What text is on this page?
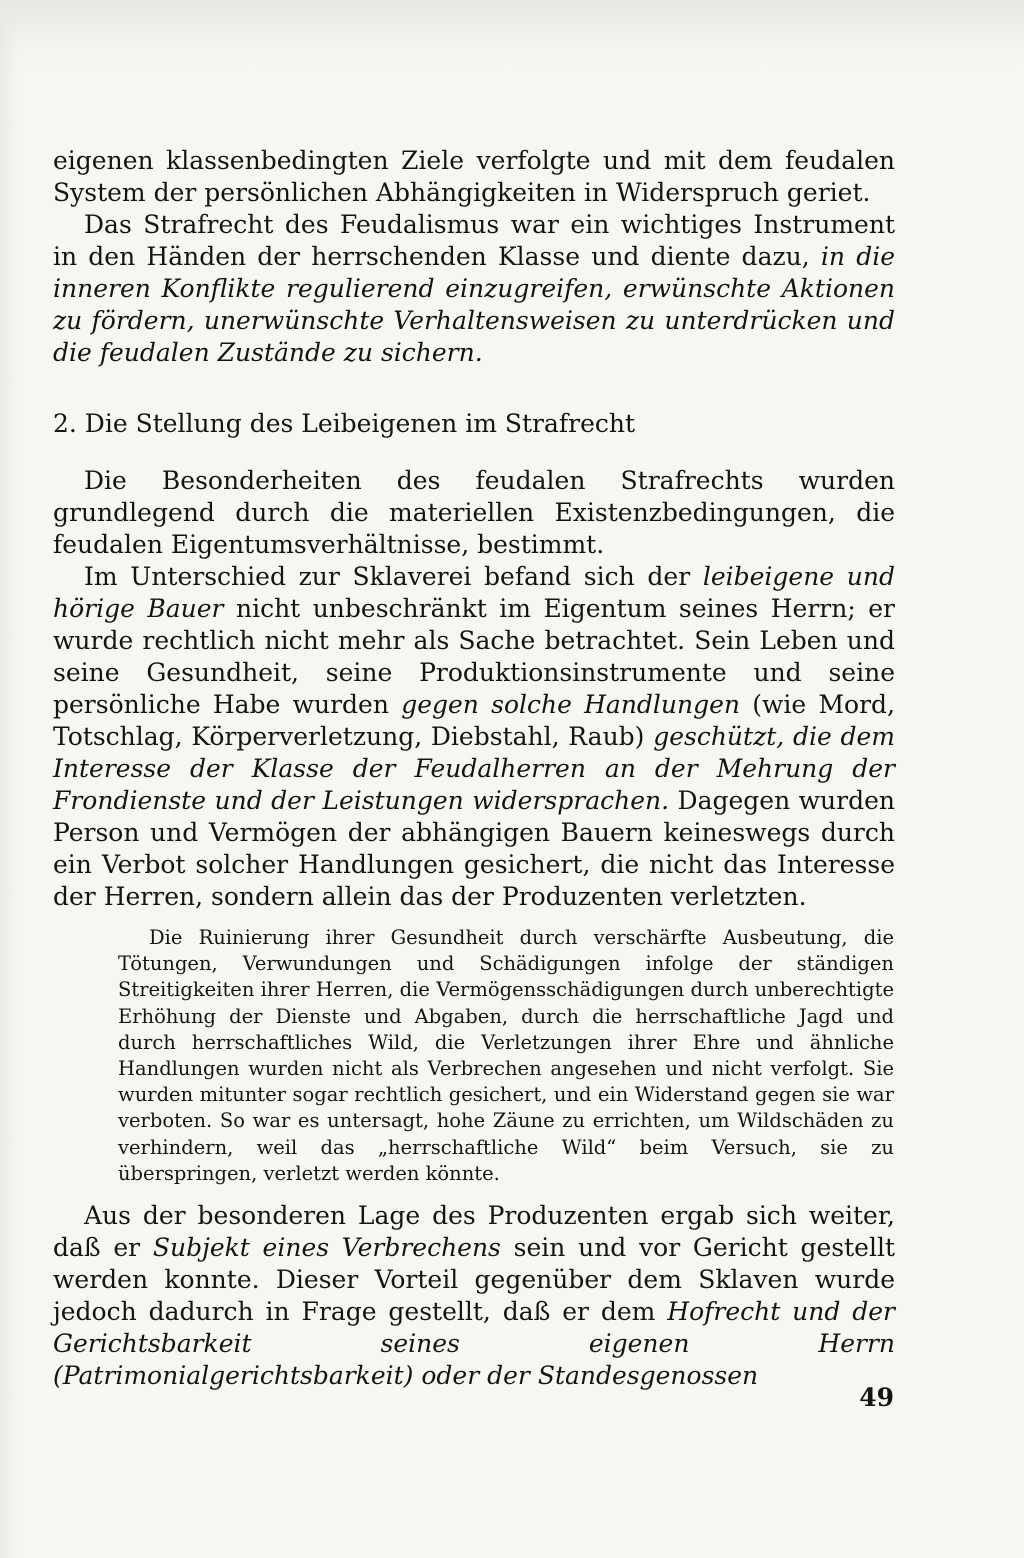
eigenen klassenbedingten Ziele verfolgte und mit dem feudalen System der persönlichen Abhängigkeiten in Widerspruch geriet.

Das Strafrecht des Feudalismus war ein wichtiges Instrument in den Händen der herrschenden Klasse und diente dazu, in die inneren Konflikte regulierend einzugreifen, erwünschte Aktionen zu fördern, unerwünschte Verhaltensweisen zu unterdrücken und die feudalen Zustände zu sichern.

2. Die Stellung des Leibeigenen im Strafrecht

Die Besonderheiten des feudalen Strafrechts wurden grundlegend durch die materiellen Existenzbedingungen, die feudalen Eigentumsverhältnisse, bestimmt.

Im Unterschied zur Sklaverei befand sich der leibeigene und hörige Bauer nicht unbeschränkt im Eigentum seines Herrn; er wurde rechtlich nicht mehr als Sache betrachtet. Sein Leben und seine Gesundheit, seine Produktionsinstrumente und seine persönliche Habe wurden gegen solche Handlungen (wie Mord, Totschlag, Körperverletzung, Diebstahl, Raub) geschützt, die dem Interesse der Klasse der Feudalherren an der Mehrung der Frondienste und der Leistungen widersprachen. Dagegen wurden Person und Vermögen der abhängigen Bauern keineswegs durch ein Verbot solcher Handlungen gesichert, die nicht das Interesse der Herren, sondern allein das der Produzenten verletzten.

Die Ruinierung ihrer Gesundheit durch verschärfte Ausbeutung, die Tötungen, Verwundungen und Schädigungen infolge der ständigen Streitigkeiten ihrer Herren, die Vermögensschädigungen durch unberechtigte Erhöhung der Dienste und Abgaben, durch die herrschaftliche Jagd und durch herrschaftliches Wild, die Verletzungen ihrer Ehre und ähnliche Handlungen wurden nicht als Verbrechen angesehen und nicht verfolgt. Sie wurden mitunter sogar rechtlich gesichert, und ein Widerstand gegen sie war verboten. So war es untersagt, hohe Zäune zu errichten, um Wildschäden zu verhindern, weil das „herrschaftliche Wild“ beim Versuch, sie zu überspringen, verletzt werden könnte.

Aus der besonderen Lage des Produzenten ergab sich weiter, daß er Subjekt eines Verbrechens sein und vor Gericht gestellt werden konnte. Dieser Vorteil gegenüber dem Sklaven wurde jedoch dadurch in Frage gestellt, daß er dem Hofrecht und der Gerichtsbarkeit seines eigenen Herrn (Patrimonialgerichtsbarkeit) oder der Standesgenossen

49
